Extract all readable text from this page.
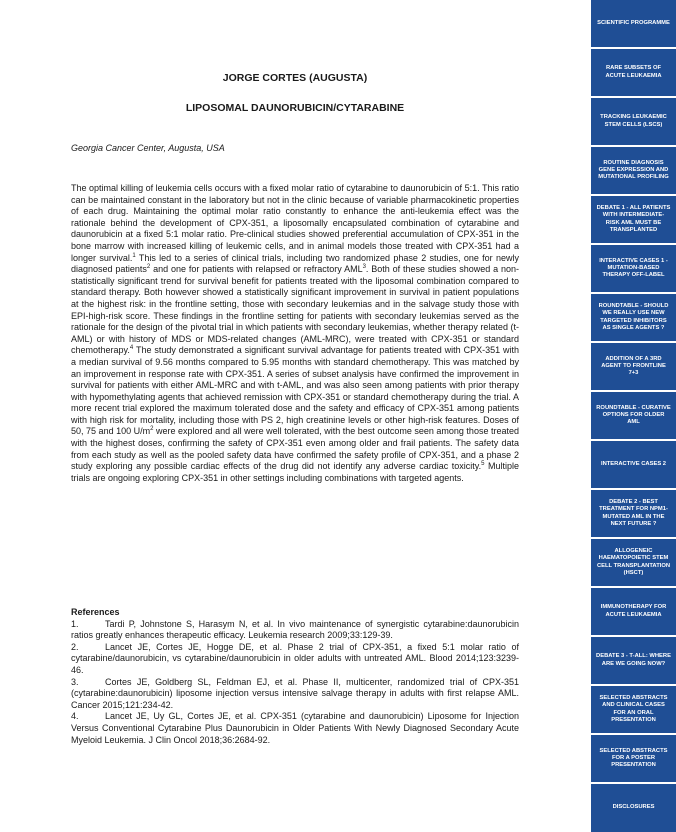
JORGE CORTES (AUGUSTA)
LIPOSOMAL DAUNORUBICIN/CYTARABINE
Georgia Cancer Center, Augusta, USA
The optimal killing of leukemia cells occurs with a fixed molar ratio of cytarabine to daunorubicin of 5:1. This ratio can be maintained constant in the laboratory but not in the clinic because of variable pharmacokinetic properties of each drug. Maintaining the optimal molar ratio constantly to enhance the anti-leukemia effect was the rationale behind the development of CPX-351, a liposomally encapsulated combination of cytarabine and daunorubicin at a fixed 5:1 molar ratio. Pre-clinical studies showed preferential accumulation of CPX-351 in the bone marrow with increased killing of leukemic cells, and in animal models those treated with CPX-351 had a longer survival.$^1$ This led to a series of clinical trials, including two randomized phase 2 studies, one for newly diagnosed patients$^2$ and one for patients with relapsed or refractory AML$^3$. Both of these studies showed a non-statistically significant trend for survival benefit for patients treated with the liposomal combination compared to standard therapy. Both however showed a statistically significant improvement in survival in patient populations at the highest risk: in the frontline setting, those with secondary leukemias and in the salvage study those with EPI-high-risk score. These findings in the frontline setting for patients with secondary leukemias served as the rationale for the design of the pivotal trial in which patients with secondary leukemias, whether therapy related (t-AML) or with history of MDS or MDS-related changes (AML-MRC), were treated with CPX-351 or standard chemotherapy.$^4$ The study demonstrated a significant survival advantage for patients treated with CPX-351 with a median survival of 9.56 months compared to 5.95 months with standard chemotherapy. This was matched by an improvement in response rate with CPX-351. A series of subset analysis have confirmed the improvement in survival for patients with either AML-MRC and with t-AML, and was also seen among patients with prior therapy with hypomethylating agents that achieved remission with CPX-351 or standard chemotherapy during the trial. A more recent trial explored the maximum tolerated dose and the safety and efficacy of CPX-351 among patients with high risk for mortality, including those with PS 2, high creatinine levels or other high-risk features. Doses of 50, 75 and 100 $U/m^2$ were explored and all were well tolerated, with the best outcome seen among those treated with the highest doses, confirming the safety of CPX-351 even among older and frail patients. The safety data from each study as well as the pooled safety data have confirmed the safety profile of CPX-351, and a phase 2 study exploring any possible cardiac effects of the drug did not identify any adverse cardiac toxicity.$^5$ Multiple trials are ongoing exploring CPX-351 in other settings including combinations with targeted agents.
References
1.	Tardi P, Johnstone S, Harasym N, et al. In vivo maintenance of synergistic cytarabine:daunorubicin ratios greatly enhances therapeutic efficacy. Leukemia research 2009;33:129-39.
2.	Lancet JE, Cortes JE, Hogge DE, et al. Phase 2 trial of CPX-351, a fixed 5:1 molar ratio of cytarabine/daunorubicin, vs cytarabine/daunorubicin in older adults with untreated AML. Blood 2014;123:3239-46.
3.	Cortes JE, Goldberg SL, Feldman EJ, et al. Phase II, multicenter, randomized trial of CPX-351 (cytarabine:daunorubicin) liposome injection versus intensive salvage therapy in adults with first relapse AML. Cancer 2015;121:234-42.
4.	Lancet JE, Uy GL, Cortes JE, et al. CPX-351 (cytarabine and daunorubicin) Liposome for Injection Versus Conventional Cytarabine Plus Daunorubicin in Older Patients With Newly Diagnosed Secondary Acute Myeloid Leukemia. J Clin Oncol 2018;36:2684-92.
SCIENTIFIC PROGRAMME
RARE SUBSETS OF ACUTE LEUKAEMIA
TRACKING LEUKAEMIC STEM CELLS (LSCS)
ROUTINE DIAGNOSIS GENE EXPRESSION AND MUTATIONAL PROFILING
DEBATE 1 - ALL PATIENTS WITH INTERMEDIATE-RISK AML MUST BE TRANSPLANTED
INTERACTIVE CASES 1 - MUTATION-BASED THERAPY OFF-LABEL
ROUNDTABLE - SHOULD WE REALLY USE NEW TARGETED INHIBITORS AS SINGLE AGENTS ?
ADDITION OF A 3RD AGENT TO FRONTLINE 7+3
ROUNDTABLE - CURATIVE OPTIONS FOR OLDER AML
INTERACTIVE CASES 2
DEBATE 2 - BEST TREATMENT FOR NPM1-MUTATED AML IN THE NEXT FUTURE ?
ALLOGENEIC HAEMATOPOIETIC STEM CELL TRANSPLANTATION (HSCT)
IMMUNOTHERAPY FOR ACUTE LEUKAEMIA
DEBATE 3 - T-ALL: WHERE ARE WE GOING NOW?
SELECTED ABSTRACTS AND CLINICAL CASES FOR AN ORAL PRESENTATION
SELECTED ABSTRACTS FOR A POSTER PRESENTATION
DISCLOSURES
